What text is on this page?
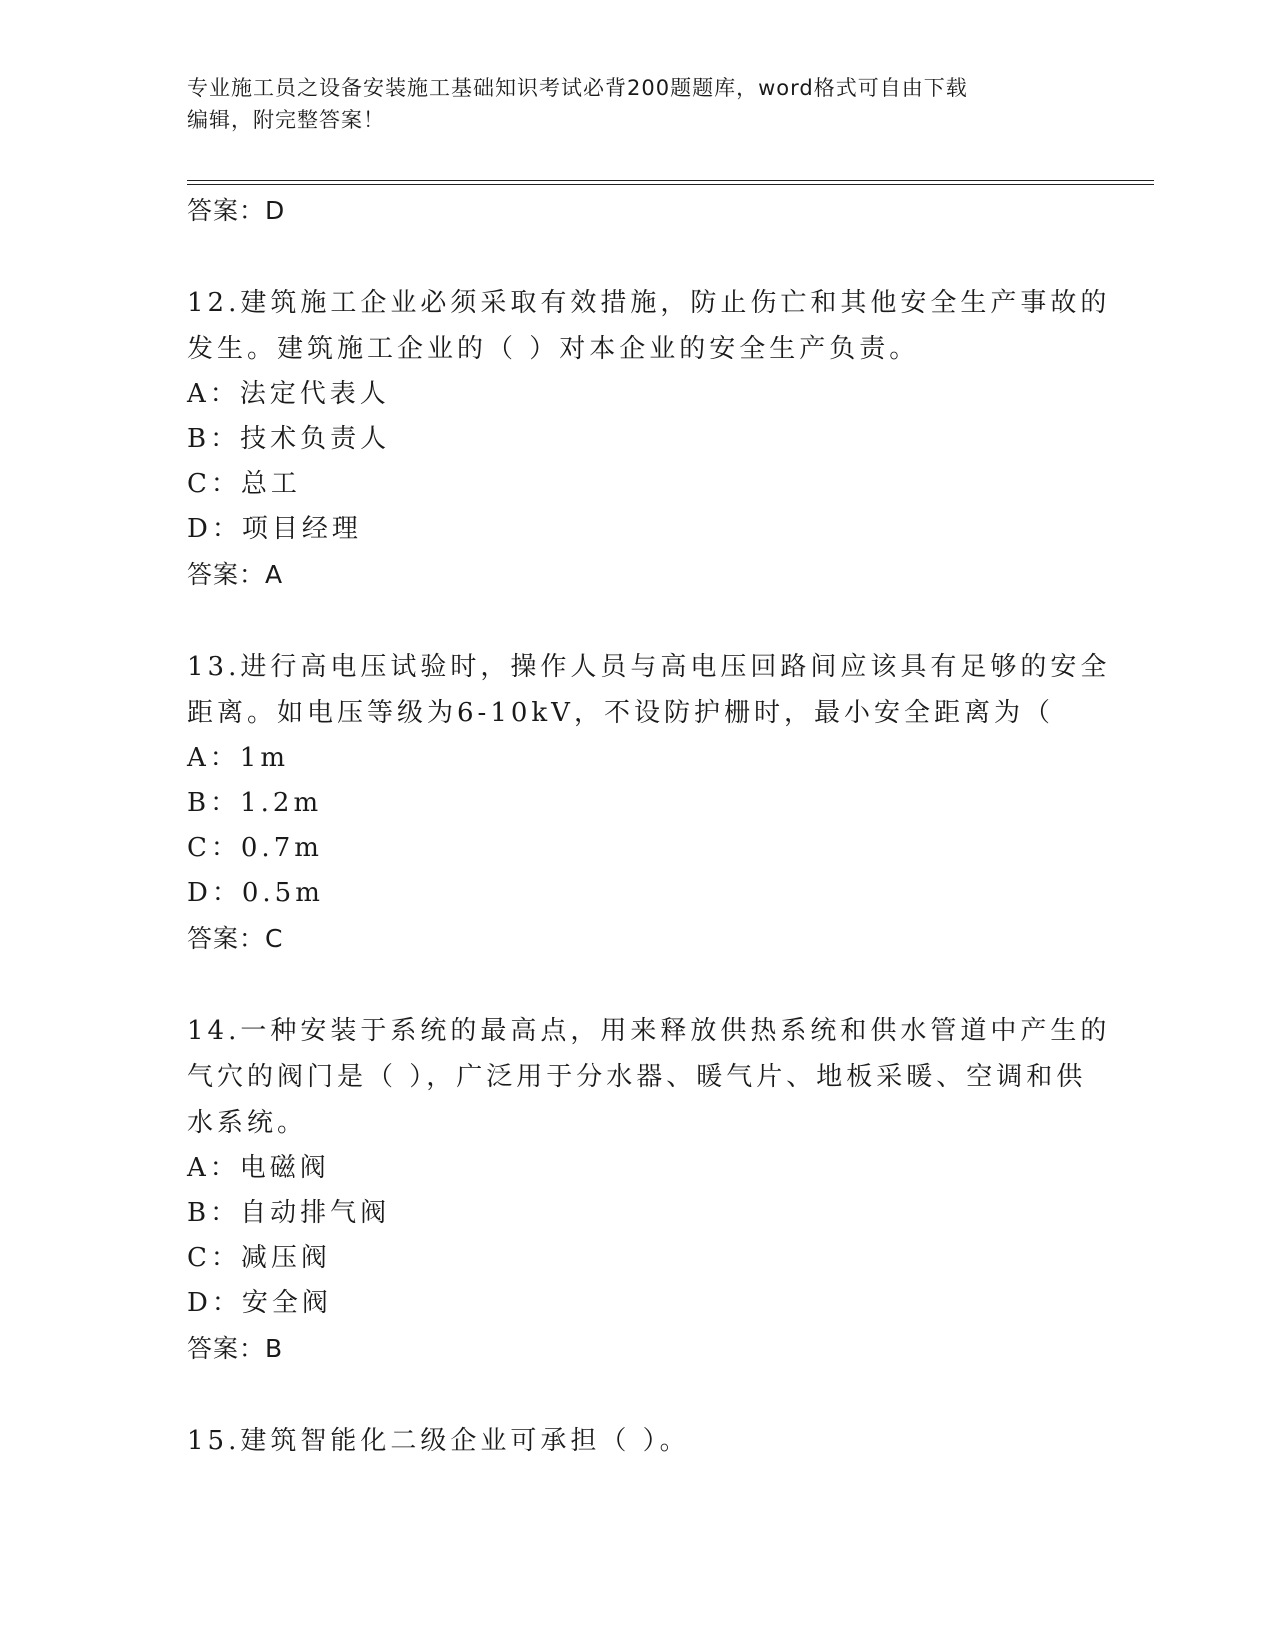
专业施工员之设备安装施工基础知识考试必背200题题库，word格式可自由下载
编辑，附完整答案！
答案：D
12.建筑施工企业必须采取有效措施，防止伤亡和其他安全生产事故的
发生。建筑施工企业的（ ）对本企业的安全生产负责。
A：法定代表人
B：技术负责人
C：总工
D：项目经理
答案：A
13.进行高电压试验时，操作人员与高电压回路间应该具有足够的安全
距离。如电压等级为6-10kV，不设防护栅时，最小安全距离为（
A：1m
B：1.2m
C：0.7m
D：0.5m
答案：C
14.一种安装于系统的最高点，用来释放供热系统和供水管道中产生的
气穴的阀门是（ ），广泛用于分水器、暖气片、地板采暖、空调和供
水系统。
A：电磁阀
B：自动排气阀
C：减压阀
D：安全阀
答案：B
15.建筑智能化二级企业可承担（ ）。
